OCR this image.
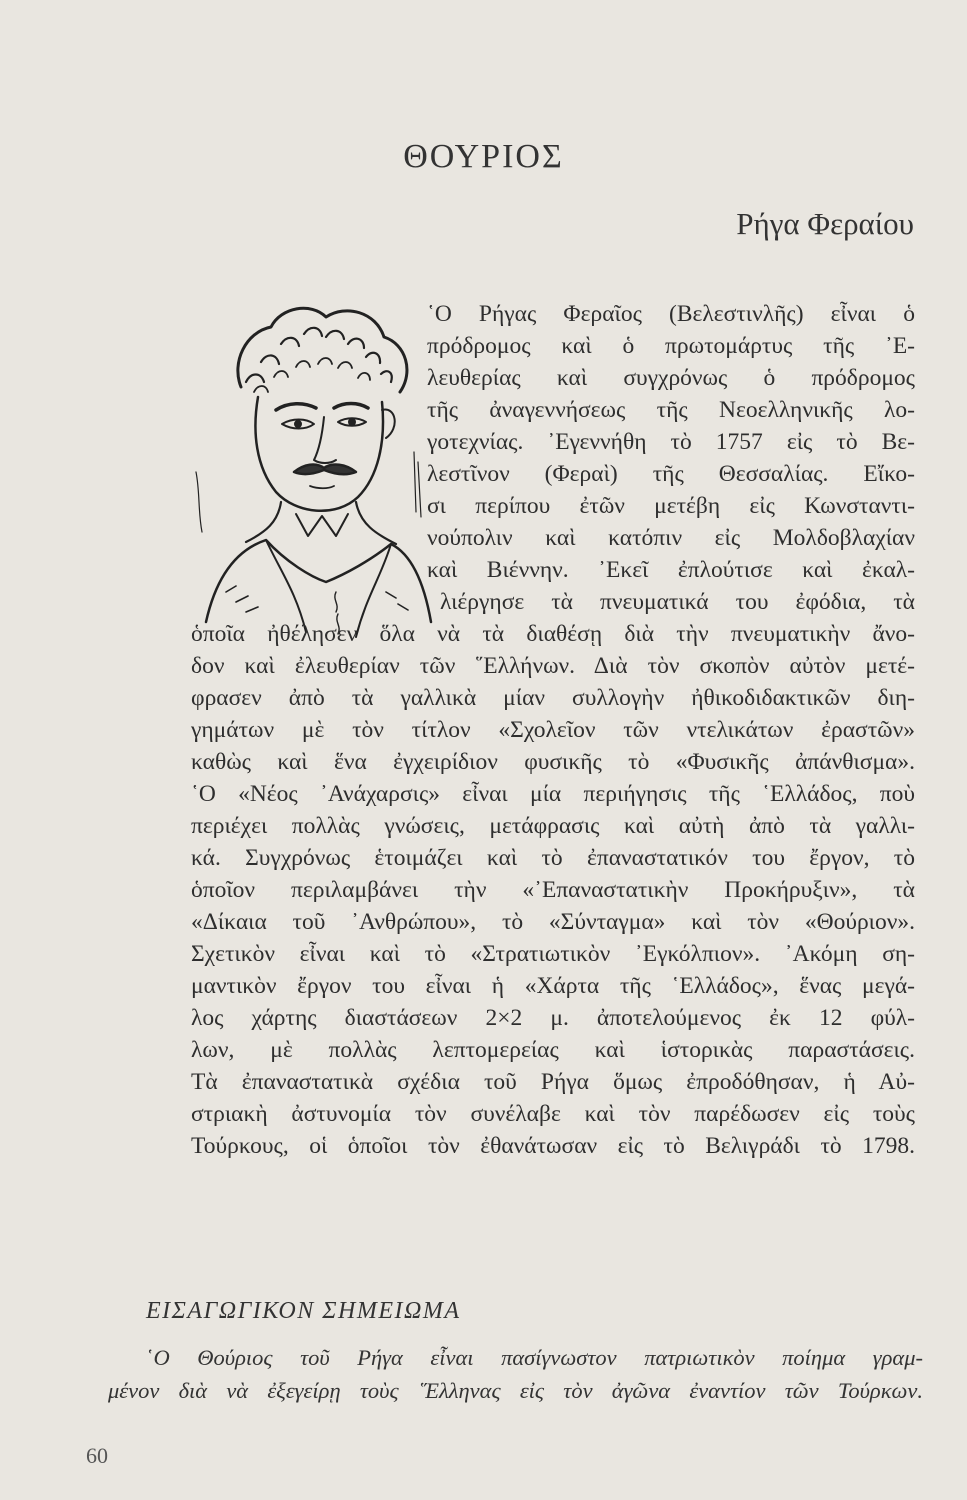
ΘΟΥΡΙΟΣ
Ρήγα Φεραίου
῾Ο Ρήγας Φεραῖος (Βελεστινλῆς) εἶναι ὁ
πρόδρομος καὶ ὁ πρωτομάρτυς τῆς ᾿Ε-
λευθερίας καὶ συγχρόνως ὁ πρόδρομος
τῆς ἀναγεννήσεως τῆς Νεοελληνικῆς λο-
γοτεχνίας. ᾿Εγεννήθη τὸ 1757 εἰς τὸ Βε-
λεστῖνον (Φεραὶ) τῆς Θεσσαλίας. Εἴκο-
σι περίπου ἐτῶν μετέβη εἰς Κωνσταντι-
νούπολιν καὶ κατόπιν εἰς Μολδοβλαχίαν
καὶ Βιέννην. ᾿Εκεῖ ἐπλούτισε καὶ ἐκαλ-
λιέργησε τὰ πνευματικά του ἐφόδια, τὰ
ὁποῖα ἠθέλησεν ὅλα νὰ τὰ διαθέσῃ διὰ τὴν πνευματικὴν ἄνο-
δον καὶ ἐλευθερίαν τῶν ῞Ελλήνων. Διὰ τὸν σκοπὸν αὐτὸν μετέ-
φρασεν ἀπὸ τὰ γαλλικὰ μίαν συλλογὴν ἠθικοδιδακτικῶν διη-
γημάτων μὲ τὸν τίτλον «Σχολεῖον τῶν ντελικάτων ἐραστῶν»
καθὼς καὶ ἕνα ἐγχειρίδιον φυσικῆς τὸ «Φυσικῆς ἀπάνθισμα».
῾Ο «Νέος ᾿Ανάχαρσις» εἶναι μία περιήγησις τῆς ῾Ελλάδος, ποὺ
περιέχει πολλὰς γνώσεις, μετάφρασις καὶ αὐτὴ ἀπὸ τὰ γαλλι-
κά. Συγχρόνως ἑτοιμάζει καὶ τὸ ἐπαναστατικόν του ἔργον, τὸ
ὁποῖον περιλαμβάνει τὴν «᾿Επαναστατικὴν Προκήρυξιν», τὰ
«Δίκαια τοῦ ᾿Ανθρώπου», τὸ «Σύνταγμα» καὶ τὸν «Θούριον».
Σχετικὸν εἶναι καὶ τὸ «Στρατιωτικὸν ᾿Εγκόλπιον». ᾿Ακόμη ση-
μαντικὸν ἔργον του εἶναι ἡ «Χάρτα τῆς ῾Ελλάδος», ἕνας μεγά-
λος χάρτης διαστάσεων 2×2 μ. ἀποτελούμενος ἐκ 12 φύλ-
λων, μὲ πολλὰς λεπτομερείας καὶ ἱστορικὰς παραστάσεις.
Τὰ ἐπαναστατικὰ σχέδια τοῦ Ρήγα ὅμως ἐπροδόθησαν, ἡ Αὐ-
στριακὴ ἀστυνομία τὸν συνέλαβε καὶ τὸν παρέδωσεν εἰς τοὺς
Τούρκους, οἱ ὁποῖοι τὸν ἐθανάτωσαν εἰς τὸ Βελιγράδι τὸ 1798.
ΕΙΣΑΓΩΓΙΚΟΝ ΣΗΜΕΙΩΜΑ
῾Ο Θούριος τοῦ Ρήγα εἶναι πασίγνωστον πατριωτικὸν ποίημα γραμ-
μένον διὰ νὰ ἐξεγείρῃ τοὺς ῞Ελληνας εἰς τὸν ἀγῶνα ἐναντίον τῶν Τούρκων.
60
